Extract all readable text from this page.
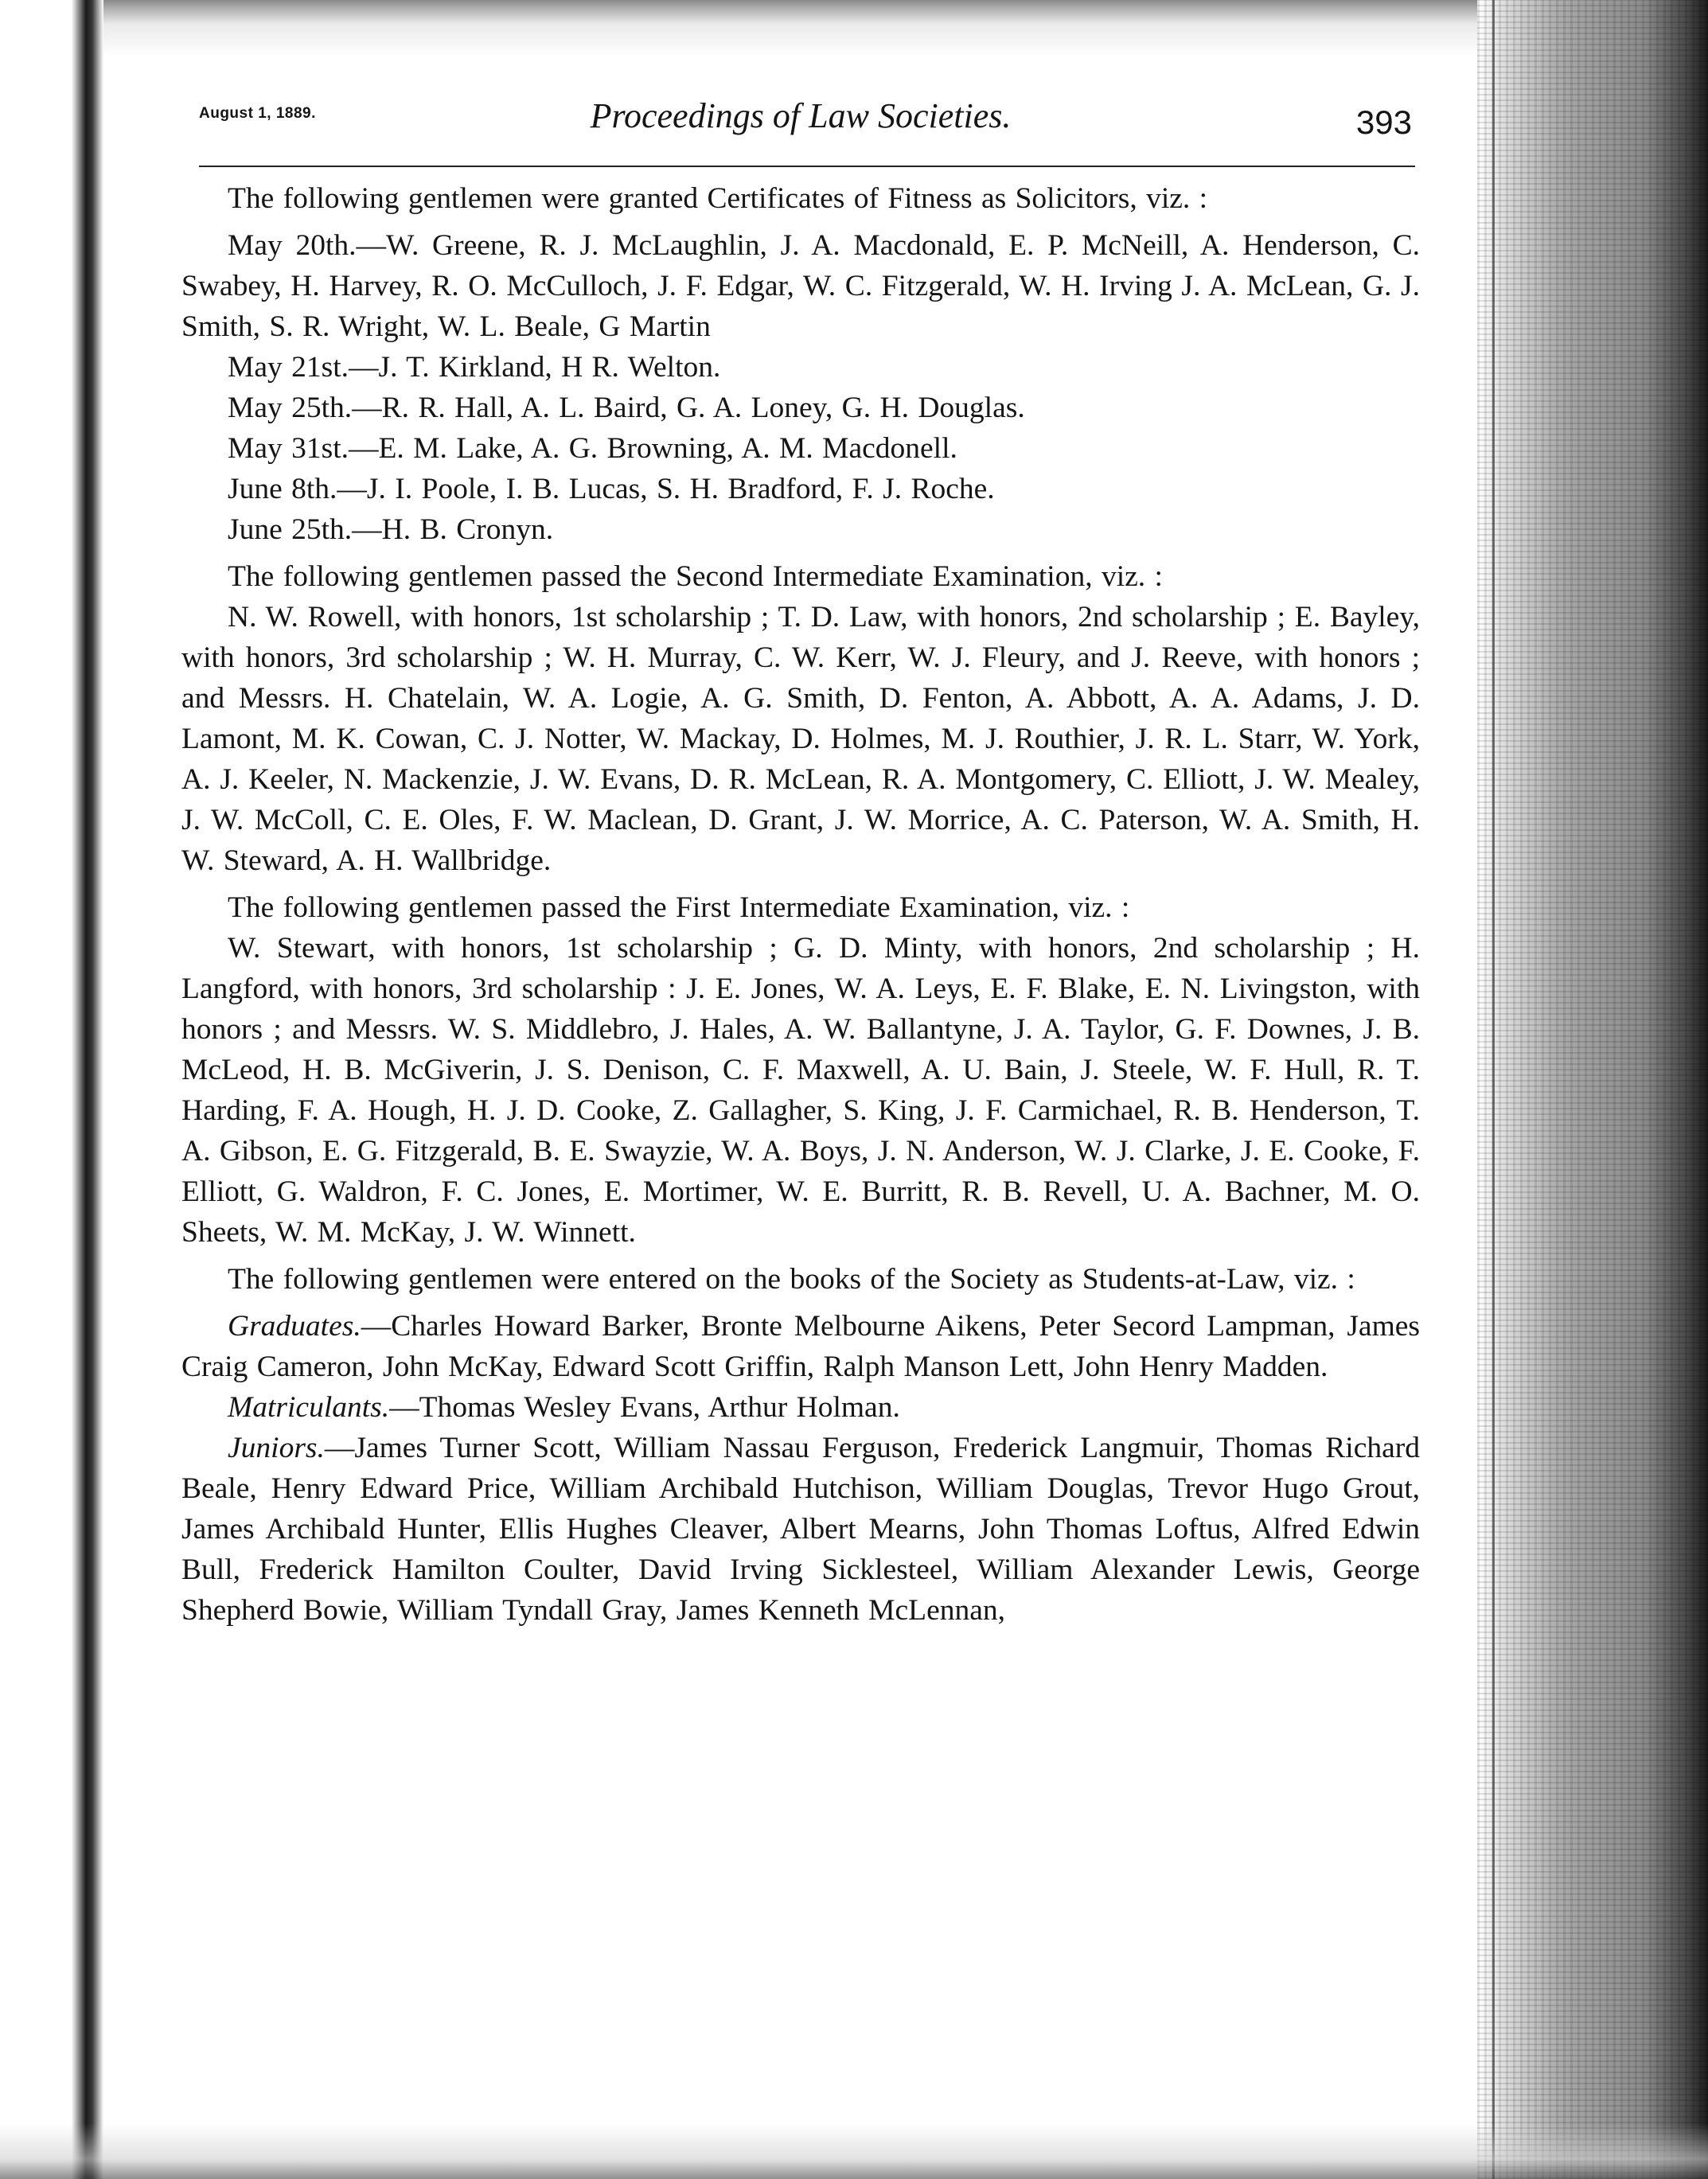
August 1, 1889.	Proceedings of Law Societies.	393

The following gentlemen were granted Certificates of Fitness as Solicitors, viz. :

May 20th.—W. Greene, R. J. McLaughlin, J. A. Macdonald, E. P. McNeill, A. Henderson, C. Swabey, H. Harvey, R. O. McCulloch, J. F. Edgar, W. C. Fitzgerald, W. H. Irving J. A. McLean, G. J. Smith, S. R. Wright, W. L. Beale, G Martin

May 21st.—J. T. Kirkland, H R. Welton.

May 25th.—R. R. Hall, A. L. Baird, G. A. Loney, G. H. Douglas.

May 31st.—E. M. Lake, A. G. Browning, A. M. Macdonell.

June 8th.—J. I. Poole, I. B. Lucas, S. H. Bradford, F. J. Roche.

June 25th.—H. B. Cronyn.

The following gentlemen passed the Second Intermediate Examination, viz. :

N. W. Rowell, with honors, 1st scholarship ; T. D. Law, with honors, 2nd scholarship ; E. Bayley, with honors, 3rd scholarship ; W. H. Murray, C. W. Kerr, W. J. Fleury, and J. Reeve, with honors ; and Messrs. H. Chatelain, W. A. Logie, A. G. Smith, D. Fenton, A. Abbott, A. A. Adams, J. D. Lamont, M. K. Cowan, C. J. Notter, W. Mackay, D. Holmes, M. J. Routhier, J. R. L. Starr, W. York, A. J. Keeler, N. Mackenzie, J. W. Evans, D. R. McLean, R. A. Montgomery, C. Elliott, J. W. Mealey, J. W. McColl, C. E. Oles, F. W. Maclean, D. Grant, J. W. Morrice, A. C. Paterson, W. A. Smith, H. W. Steward, A. H. Wallbridge.

The following gentlemen passed the First Intermediate Examination, viz. :

W. Stewart, with honors, 1st scholarship ; G. D. Minty, with honors, 2nd scholarship ; H. Langford, with honors, 3rd scholarship : J. E. Jones, W. A. Leys, E. F. Blake, E. N. Livingston, with honors ; and Messrs. W. S. Middlebro, J. Hales, A. W. Ballantyne, J. A. Taylor, G. F. Downes, J. B. McLeod, H. B. McGiverin, J. S. Denison, C. F. Maxwell, A. U. Bain, J. Steele, W. F. Hull, R. T. Harding, F. A. Hough, H. J. D. Cooke, Z. Gallagher, S. King, J. F. Carmichael, R. B. Henderson, T. A. Gibson, E. G. Fitzgerald, B. E. Swayzie, W. A. Boys, J. N. Anderson, W. J. Clarke, J. E. Cooke, F. Elliott, G. Waldron, F. C. Jones, E. Mortimer, W. E. Burritt, R. B. Revell, U. A. Bachner, M. O. Sheets, W. M. McKay, J. W. Winnett.

The following gentlemen were entered on the books of the Society as Students-at-Law, viz. :

Graduates.—Charles Howard Barker, Bronte Melbourne Aikens, Peter Secord Lampman, James Craig Cameron, John McKay, Edward Scott Griffin, Ralph Manson Lett, John Henry Madden.

Matriculants.—Thomas Wesley Evans, Arthur Holman.

Juniors.—James Turner Scott, William Nassau Ferguson, Frederick Langmuir, Thomas Richard Beale, Henry Edward Price, William Archibald Hutchison, William Douglas, Trevor Hugo Grout, James Archibald Hunter, Ellis Hughes Cleaver, Albert Mearns, John Thomas Loftus, Alfred Edwin Bull, Frederick Hamilton Coulter, David Irving Sicklesteel, William Alexander Lewis, George Shepherd Bowie, William Tyndall Gray, James Kenneth McLennan,
